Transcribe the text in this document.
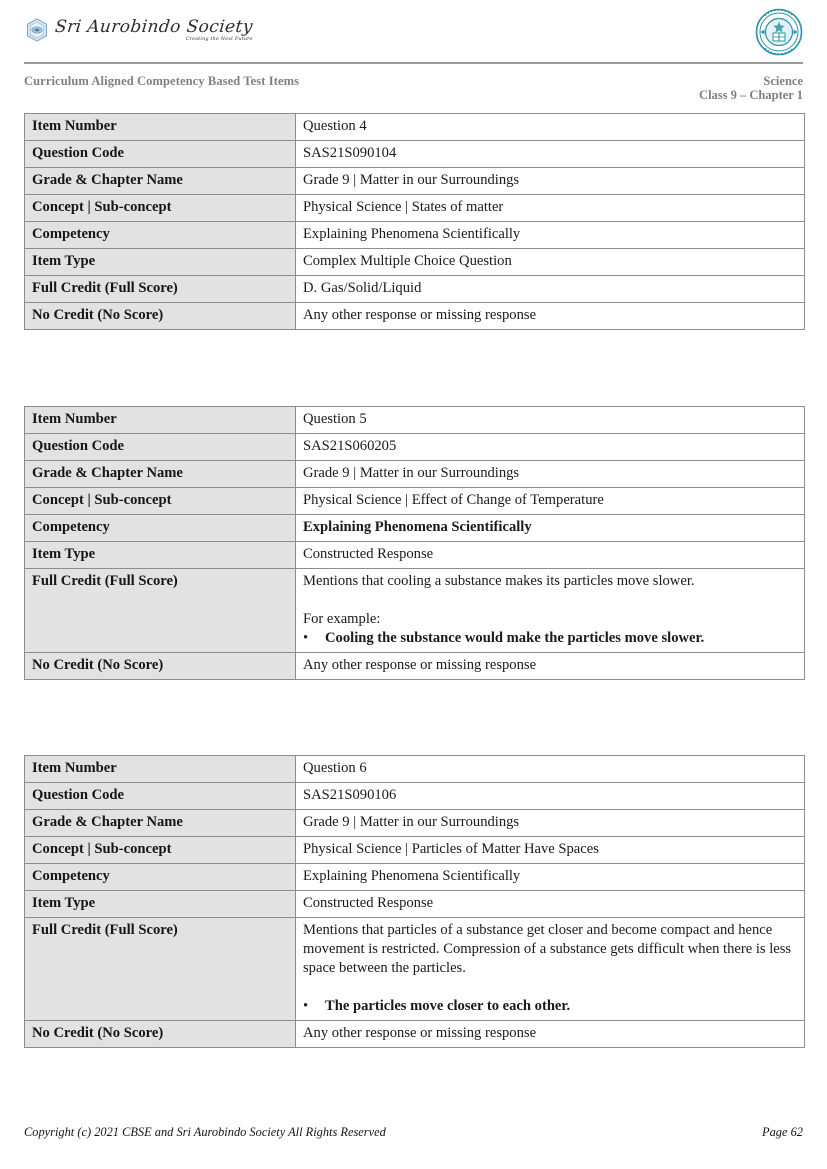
Sri Aurobindo Society
Creating the Next Future
Curriculum Aligned Competency Based Test Items	Science
Class 9 – Chapter 1
Item Number	Question 4
Question Code	SAS21S090104
Grade & Chapter Name	Grade 9 | Matter in our Surroundings
Concept | Sub-concept	Physical Science | States of matter
Competency	Explaining Phenomena Scientifically
Item Type	Complex Multiple Choice Question
Full Credit (Full Score)	D. Gas/Solid/Liquid

No Credit (No Score)	Any other response or missing response
Item Number	Question 5
Question Code	SAS21S060205
Grade & Chapter Name	Grade 9 | Matter in our Surroundings
Concept | Sub-concept	Physical Science | Effect of Change of Temperature
Competency	Explaining Phenomena Scientifically
Item Type	Constructed Response
Full Credit (Full Score)	Mentions that cooling a substance makes its particles move slower.
For example:
• Cooling the substance would make the particles move slower.

No Credit (No Score)	Any other response or missing response
Item Number	Question 6
Question Code	SAS21S090106
Grade & Chapter Name	Grade 9 | Matter in our Surroundings
Concept | Sub-concept	Physical Science | Particles of Matter Have Spaces
Competency	Explaining Phenomena Scientifically
Item Type	Constructed Response
Full Credit (Full Score)	Mentions that particles of a substance get closer and become compact and hence movement is restricted. Compression of a substance gets difficult when there is less space between the particles.
• The particles move closer to each other.

No Credit (No Score)	Any other response or missing response
Copyright (c) 2021 CBSE and Sri Aurobindo Society All Rights Reserved	Page 62
